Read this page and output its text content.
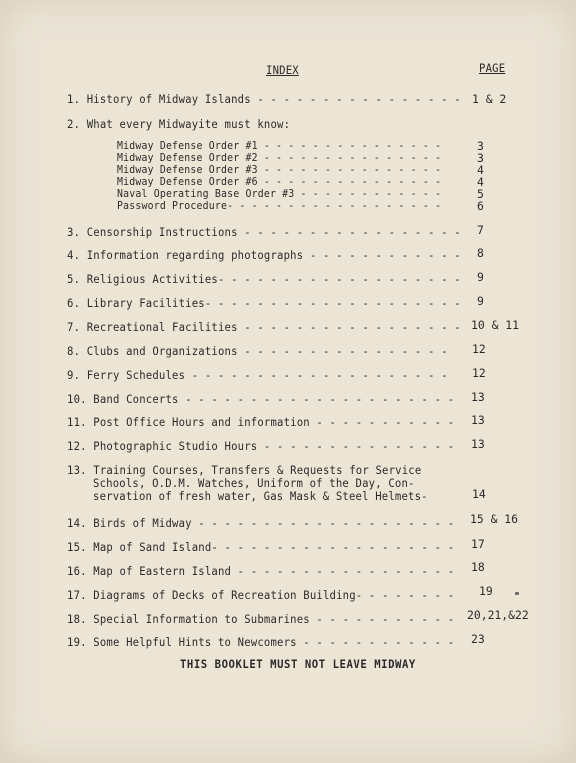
INDEX	PAGE
1. History of Midway Islands - - - - - - - - - - - - - - - - 1 & 2
2. What every Midwayite must know:
Midway Defense Order #1 - - - - - - - - - - - - - - -	3
Midway Defense Order #2 - - - - - - - - - - - - - - -	3
Midway Defense Order #3 - - - - - - - - - - - - - - -	4
Midway Defense Order #6 - - - - - - - - - - - - - - -	4
Naval Operating Base Order #3 - - - - - - - - - - - -	5
Password Procedure- - - - - - - - - - - - - - - - - -	6
3. Censorship Instructions - - - - - - - - - - - - - - - - - 7
4. Information regarding photographs - - - - - - - - - - - - 8
5. Religious Activities- - - - - - - - - - - - - - - - - - - 9
6. Library Facilities- - - - - - - - - - - - - - - - - - - - 9
7. Recreational Facilities - - - - - - - - - - - - - - - - - 10 & 11
8. Clubs and Organizations - - - - - - - - - - - - - - - - 12
9. Ferry Schedules - - - - - - - - - - - - - - - - - - - - 12
10. Band Concerts - - - - - - - - - - - - - - - - - - - - - 13
11. Post Office Hours and information - - - - - - - - - - - 13
12. Photographic Studio Hours - - - - - - - - - - - - - - - 13
13. Training Courses, Transfers & Requests for Service
Schools, O.D.M. Watches, Uniform of the Day, Con-
servation of fresh water, Gas Mask & Steel Helmets-	14
14. Birds of Midway - - - - - - - - - - - - - - - - - - - - 15 & 16
15. Map of Sand Island- - - - - - - - - - - - - - - - - - - 17
16. Map of Eastern Island - - - - - - - - - - - - - - - - - 18
17. Diagrams of Decks of Recreation Building- - - - - - - - 19
18. Special Information to Submarines - - - - - - - - - - - 20,21,&22
19. Some Helpful Hints to Newcomers - - - - - - - - - - - - 23
THIS BOOKLET MUST NOT LEAVE MIDWAY
